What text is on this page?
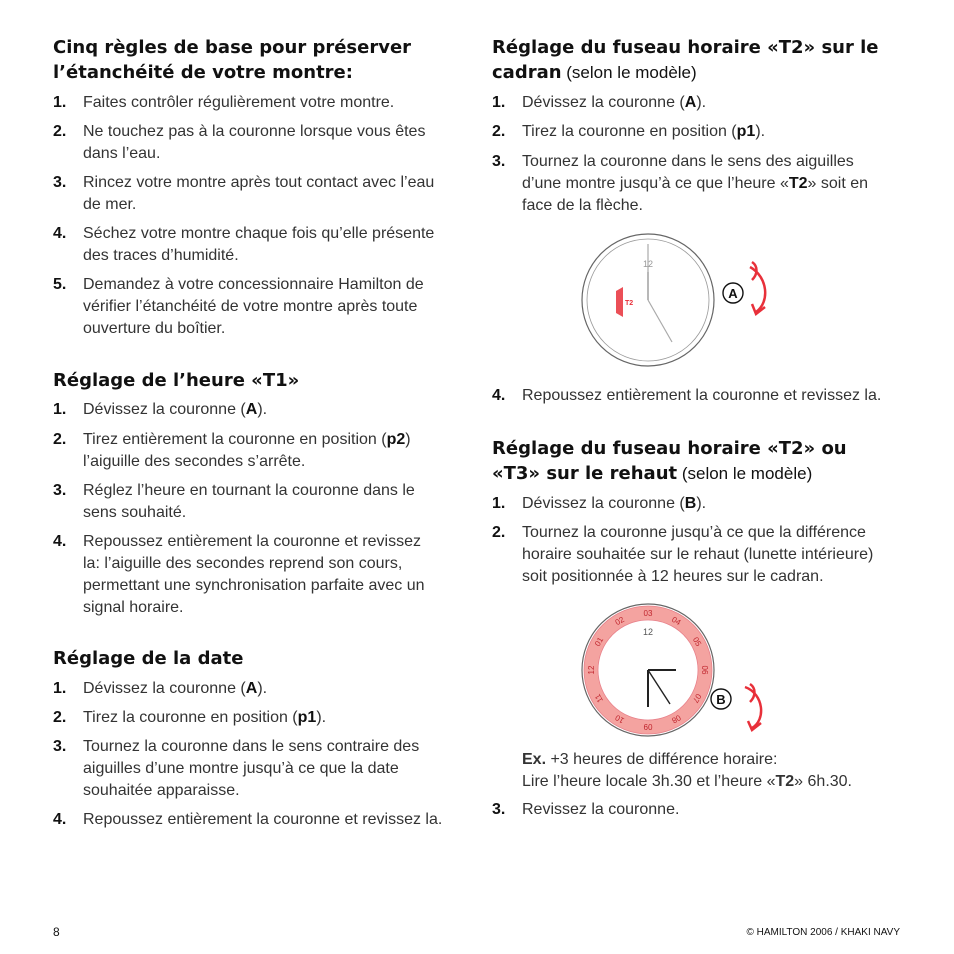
Cinq règles de base pour préserver
l’étanchéité de votre montre:
1.	Faites contrôler régulièrement votre montre.
2.	Ne touchez pas à la couronne lorsque vous êtes
dans l’eau.
3.	Rincez votre montre après tout contact avec l’eau
de mer.
4.	Séchez votre montre chaque fois qu’elle présente
des traces d’humidité.
5.	Demandez à votre concessionnaire Hamilton de
vérifier l’étanchéité de votre montre après toute
ouverture du boîtier.
Réglage de l’heure «T1»
1.	Dévissez la couronne (A).
2.	Tirez entièrement la couronne en position (p2)
l’aiguille des secondes s’arrête.
3.	Réglez l’heure en tournant la couronne dans le
sens souhaité.
4.	Repoussez entièrement la couronne et revissez
la: l’aiguille des secondes reprend son cours,
permettant une synchronisation parfaite avec un
signal horaire.
Réglage de la date
1.	Dévissez la couronne (A).
2.	Tirez la couronne en position (p1).
3.	Tournez la couronne dans le sens contraire des
aiguilles d’une montre jusqu’à ce que la date
souhaitée apparaisse.
4.	Repoussez entièrement la couronne et revissez la.
Réglage du fuseau horaire «T2» sur le
cadran (selon le modèle)
1.	Dévissez la couronne (A).
2.	Tirez la couronne en position (p1).
3.	Tournez la couronne dans le sens des aiguilles
d’une montre jusqu’à ce que l’heure «T2» soit en
face de la flèche.
12
T2
A
4.	Repoussez entièrement la couronne et revissez la.
Réglage du fuseau horaire «T2» ou
«T3» sur le rehaut (selon le modèle)
1.	Dévissez la couronne (B).
2.	Tournez la couronne jusqu’à ce que la différence
horaire souhaitée sur le rehaut (lunette intérieure)
soit positionnée à 12 heures sur le cadran.
03
04
05
06
07
08
09
10
11
12
01
02
12
B
Ex. +3 heures de différence horaire:
Lire l’heure locale 3h.30 et l’heure «T2» 6h.30.
3.	Revissez la couronne.
8	© HAMILTON 2006 / KHAKI NAVY
